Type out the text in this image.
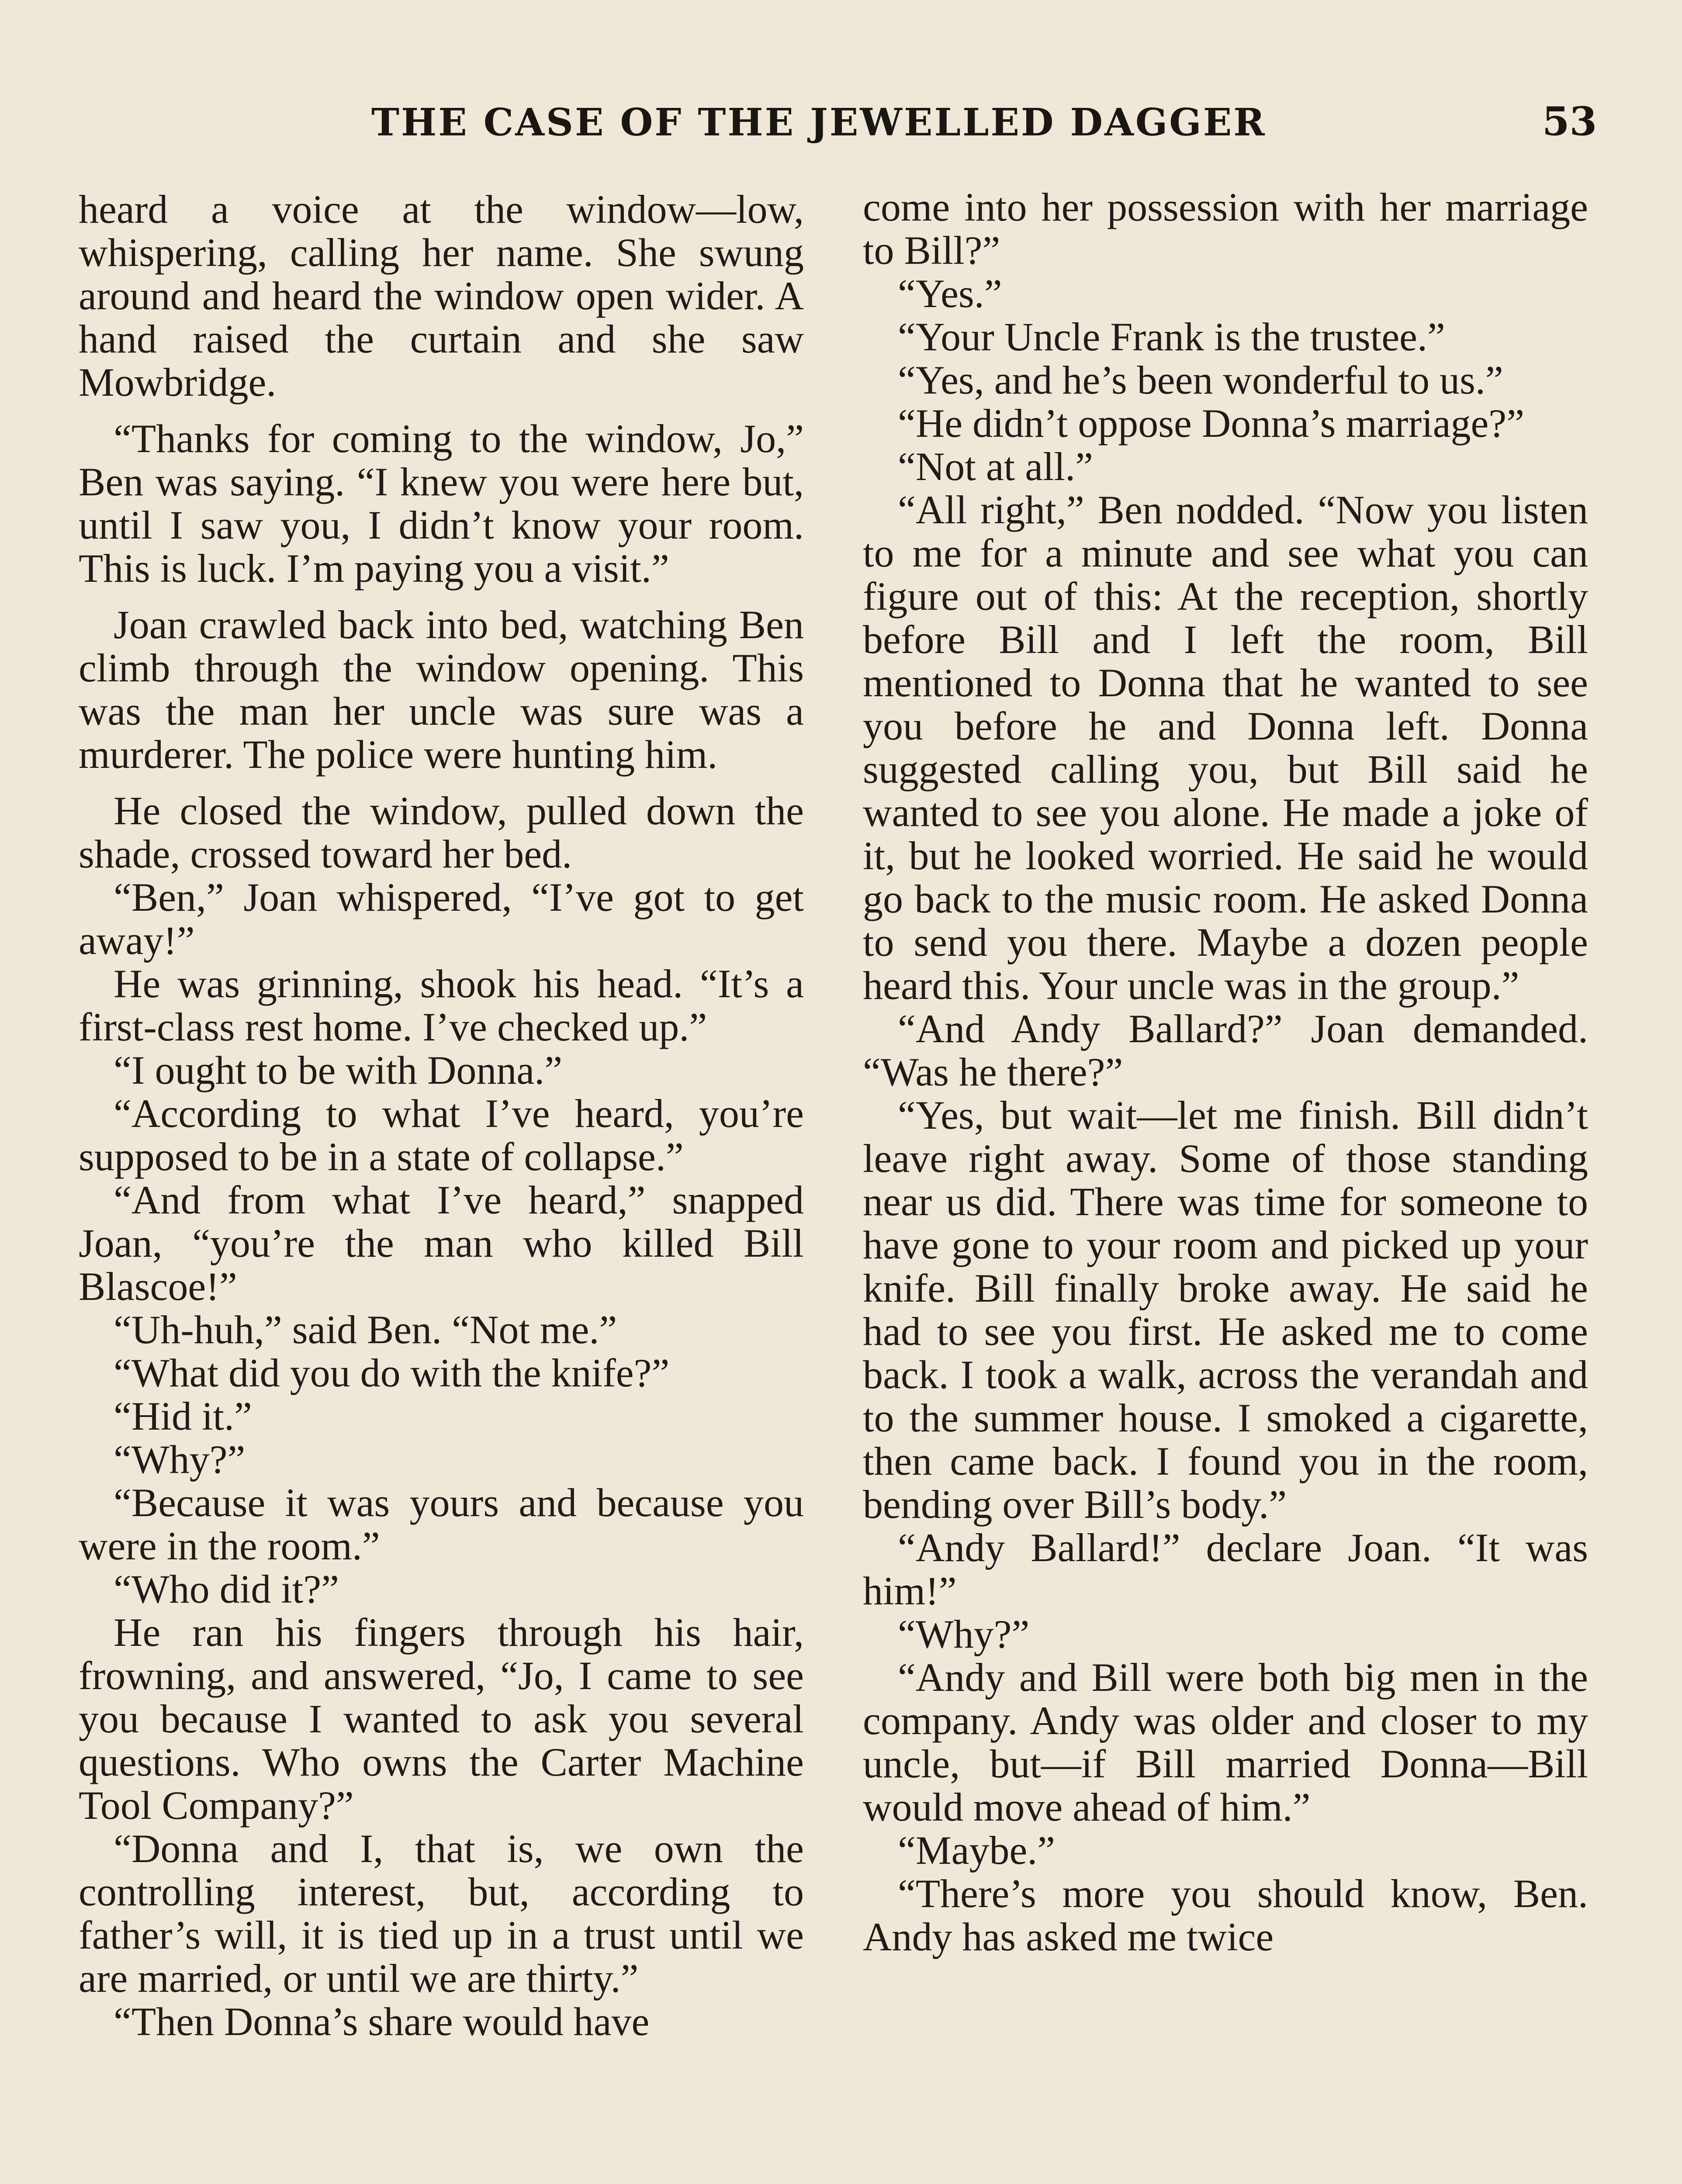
THE CASE OF THE JEWELLED DAGGER	53

heard a voice at the window—low, whispering, calling her name. She swung around and heard the window open wider. A hand raised the curtain and she saw Mowbridge.

“Thanks for coming to the window, Jo,” Ben was saying. “I knew you were here but, until I saw you, I didn’t know your room. This is luck. I’m paying you a visit.”

Joan crawled back into bed, watching Ben climb through the window opening. This was the man her uncle was sure was a murderer. The police were hunting him.

He closed the window, pulled down the shade, crossed toward her bed.

“Ben,” Joan whispered, “I’ve got to get away!”

He was grinning, shook his head. “It’s a first-class rest home. I’ve checked up.”

“I ought to be with Donna.”

“According to what I’ve heard, you’re supposed to be in a state of collapse.”

“And from what I’ve heard,” snapped Joan, “you’re the man who killed Bill Blascoe!”

“Uh-huh,” said Ben. “Not me.”

“What did you do with the knife?”

“Hid it.”

“Why?”

“Because it was yours and because you were in the room.”

“Who did it?”

He ran his fingers through his hair, frowning, and answered, “Jo, I came to see you because I wanted to ask you several questions. Who owns the Carter Machine Tool Company?”

“Donna and I, that is, we own the controlling interest, but, according to father’s will, it is tied up in a trust until we are married, or until we are thirty.”

“Then Donna’s share would have

come into her possession with her marriage to Bill?”

“Yes.”

“Your Uncle Frank is the trustee.”

“Yes, and he’s been wonderful to us.”

“He didn’t oppose Donna’s marriage?”

“Not at all.”

“All right,” Ben nodded. “Now you listen to me for a minute and see what you can figure out of this: At the reception, shortly before Bill and I left the room, Bill mentioned to Donna that he wanted to see you before he and Donna left. Donna suggested calling you, but Bill said he wanted to see you alone. He made a joke of it, but he looked worried. He said he would go back to the music room. He asked Donna to send you there. Maybe a dozen people heard this. Your uncle was in the group.”

“And Andy Ballard?” Joan demanded. “Was he there?”

“Yes, but wait—let me finish. Bill didn’t leave right away. Some of those standing near us did. There was time for someone to have gone to your room and picked up your knife. Bill finally broke away. He said he had to see you first. He asked me to come back. I took a walk, across the verandah and to the summer house. I smoked a cigarette, then came back. I found you in the room, bending over Bill’s body.”

“Andy Ballard!” declare Joan. “It was him!”

“Why?”

“Andy and Bill were both big men in the company. Andy was older and closer to my uncle, but—if Bill married Donna—Bill would move ahead of him.”

“Maybe.”

“There’s more you should know, Ben. Andy has asked me twice
